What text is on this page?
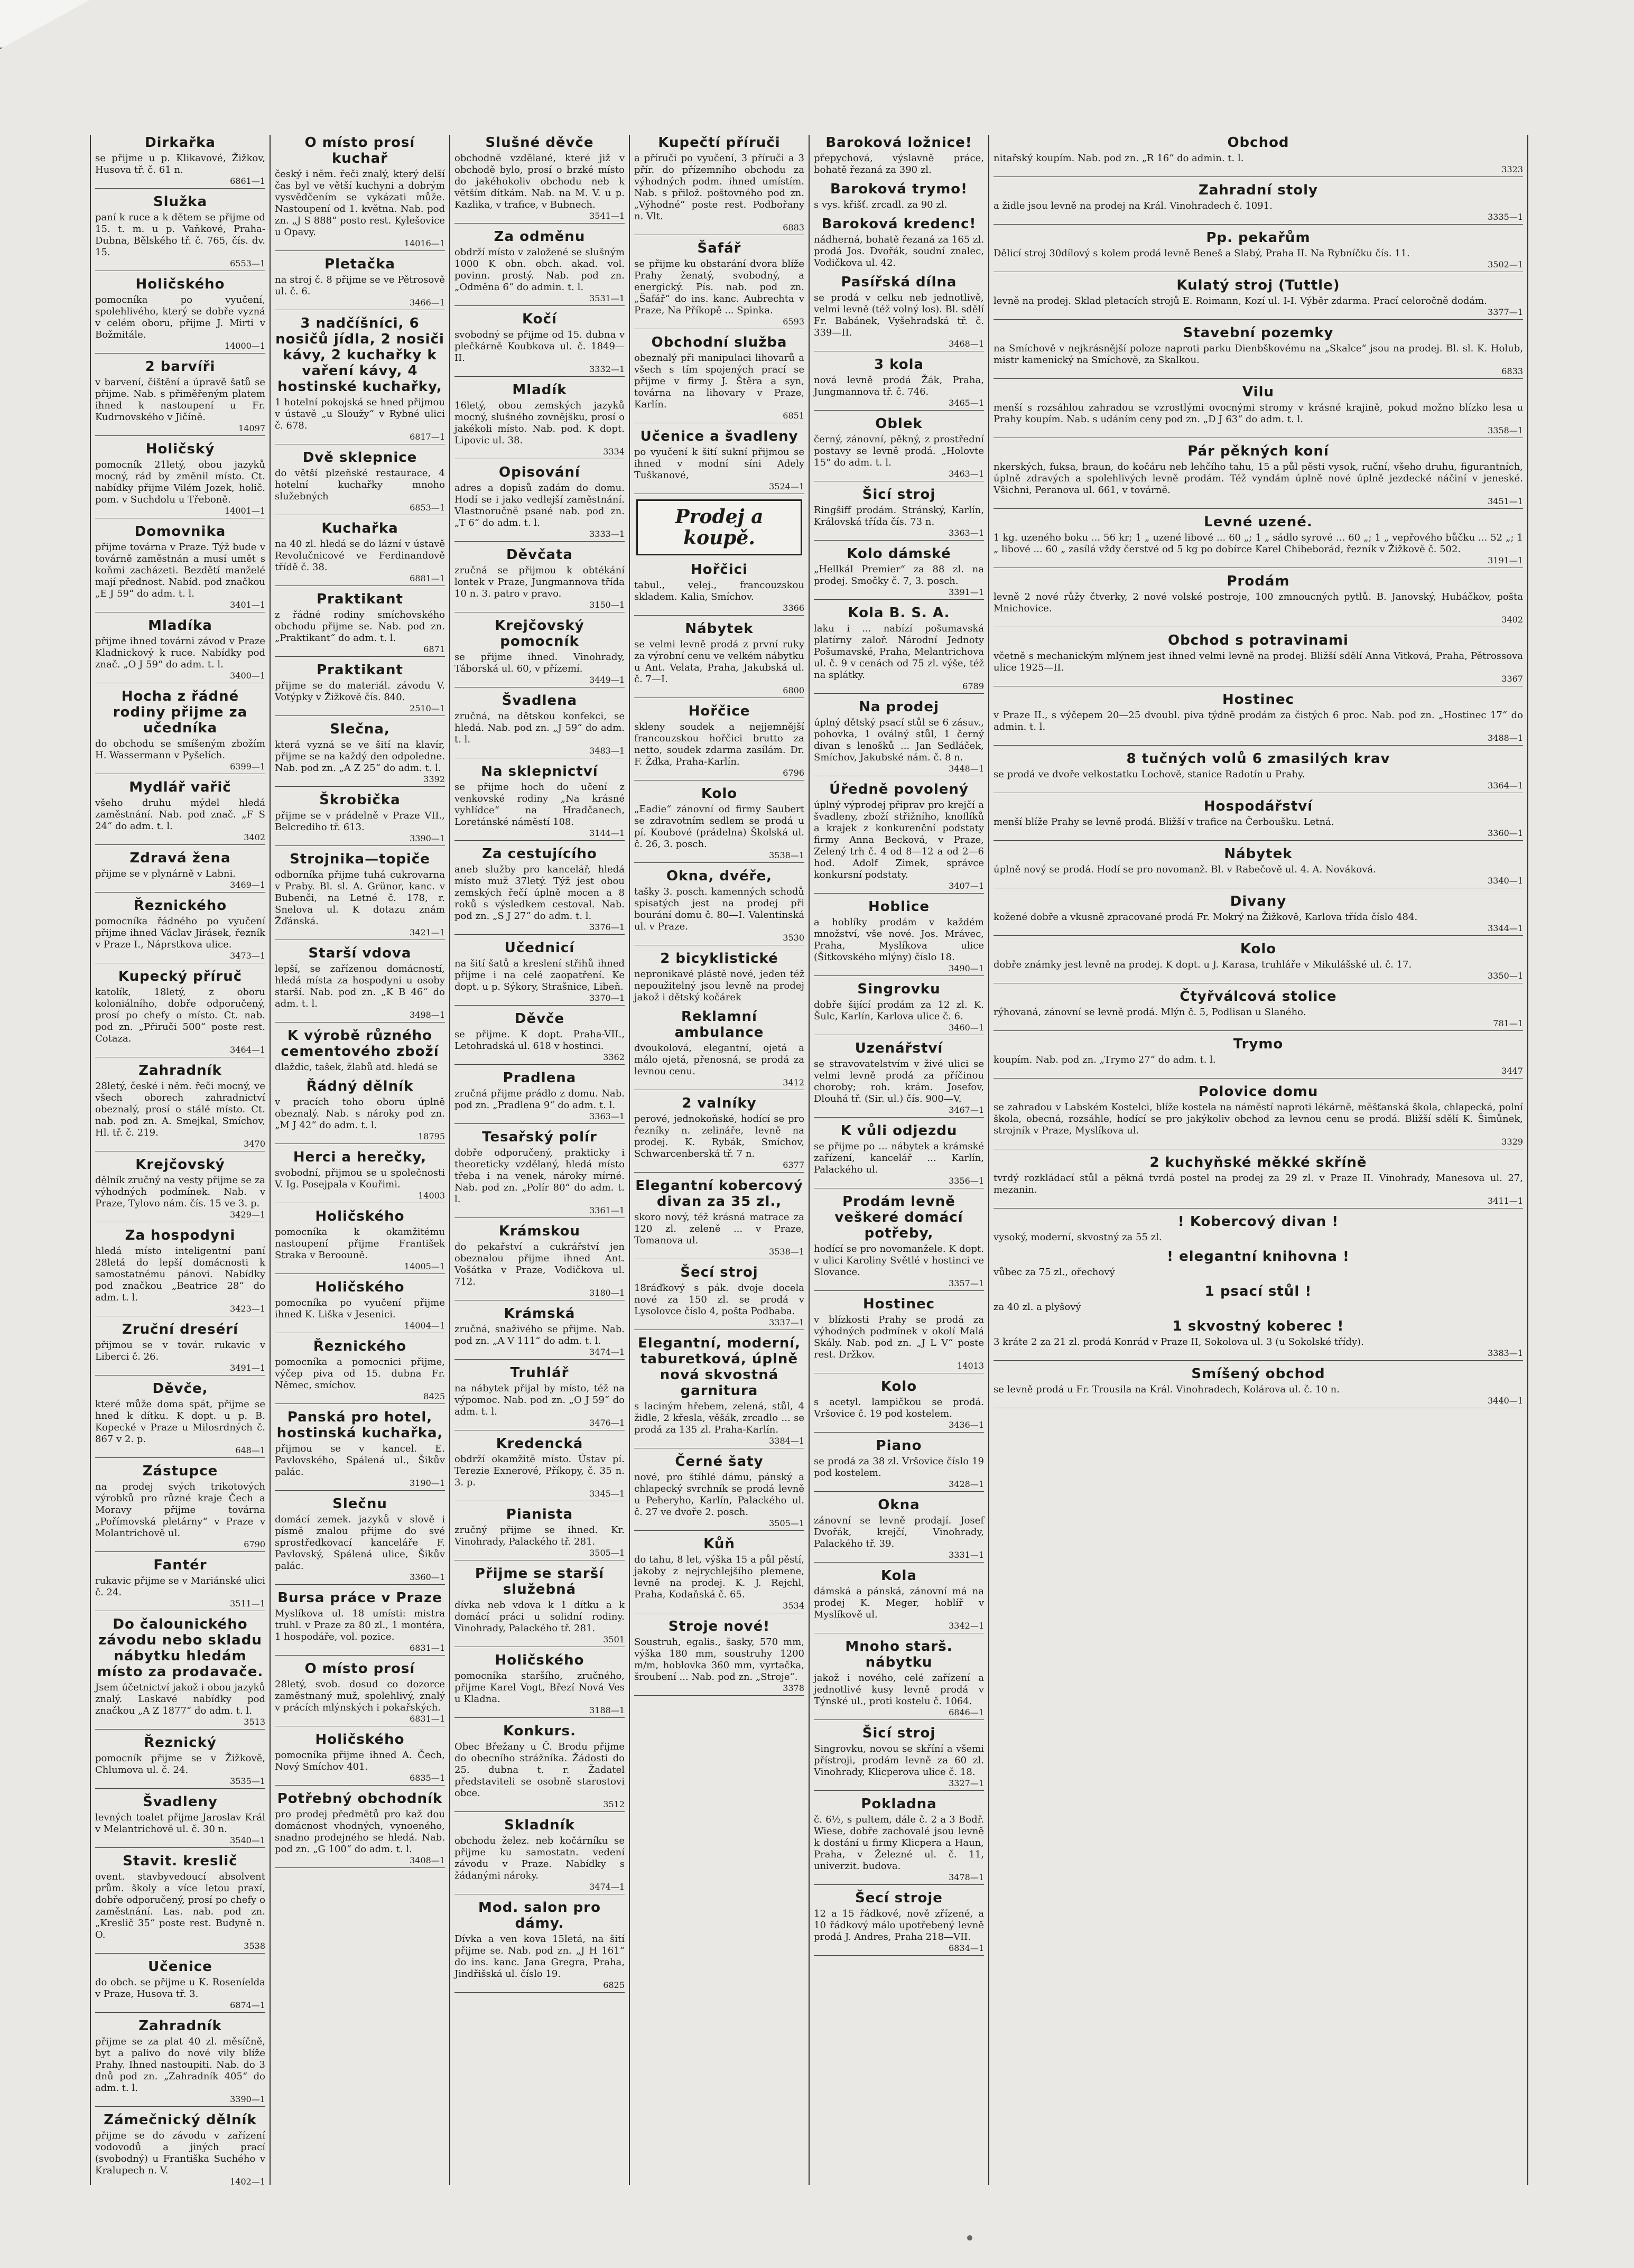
Dirkařka

se přijme u p. Klikavové, Žižkov, Husova tř. č. 61 n.

6861—1

Služka

paní k ruce a k dětem se přijme od 15. t. m. u p. Vaňkové, Praha-Dubna, Bělského tř. č. 765, čís. dv. 15.

6553—1

Holičského

pomocníka po vyučení, spolehlivého, který se dobře vyzná v celém oboru, přijme J. Mirti v Božmitále.

14000—1

2 barvíři

v barvení, čištění a úpravě šatů se přijme. Nab. s přiměřeným platem ihned k nastoupení u Fr. Kudrnovského v Jičíně.

14097

Holičský

pomocník 21letý, obou jazyků mocný, rád by změnil místo. Ct. nabídky přijme Vilém Jozek, holič. pom. v Suchdolu u Třeboně.

14001—1

Domovnika

přijme továrna v Praze. Týž bude v továrně zaměstnán a musí umět s koňmi zacházeti. Bezdětí manželé mají přednost. Nabíd. pod značkou „E J 59“ do adm. t. l.

3401—1

Mladíka

přijme ihned továrni závod v Praze Kladnickový k ruce. Nabídky pod znač. „O J 59“ do adm. t. l.

3400—1

Hocha z řádné rodiny přijme za učedníka

do obchodu se smíšeným zbožím H. Wassermann v Pyšelích.

6399—1

Mydlář vařič

všeho druhu mýdel hledá zaměstnání. Nab. pod znač. „F S 24“ do adm. t. l.

3402

Zdravá žena

přijme se v plynárně v Labni.

3469—1

Řeznického

pomocníka řádného po vyučení přijme ihned Václav Jirásek, řezník v Praze I., Náprstkova ulice.

3473—1

Kupecký příruč

katolík, 18letý, z oboru koloniálního, dobře odporučený, prosí po chefy o místo. Ct. nab. pod zn. „Přiruči 500“ poste rest. Cotaza.

3464—1

Zahradník

28letý, české i něm. řeči mocný, ve všech oborech zahradnictví obeznalý, prosí o stálé místo. Ct. nab. pod zn. A. Smejkal, Smíchov, Hl. tř. č. 219.

3470

Krejčovský

dělník zručný na vesty přijme se za výhodných podmínek. Nab. v Praze, Tylovo nám. čís. 15 ve 3. p.

3429—1

Za hospodyni

hledá místo inteligentní paní 28letá do lepší domácnosti k samostatnému pánovi. Nabídky pod značkou „Beatrice 28“ do adm. t. l.

3423—1

Zruční dresérí

přijmou se v továr. rukavic v Liberci č. 26.

3491—1

Děvče,

které může doma spát, přijme se hned k dítku. K dopt. u p. B. Kopecké v Praze u Milosrdných č. 867 v 2. p.

648—1

Zástupce

na prodej svých trikotových výrobků pro různé kraje Čech a Moravy přijme továrna „Pořímovská pletárny“ v Praze v Molantrichově ul.

6790

Fantér

rukavic přijme se v Mariánské ulici č. 24.

3511—1

Do čalounického závodu nebo skladu nábytku hledám místo za prodavače.

Jsem účetnictví jakož i obou jazyků znalý. Laskavé nabídky pod značkou „A Z 1877“ do adm. t. l.

3513

Řeznický

pomocník přijme se v Žižkově, Chlumova ul. č. 24.

3535—1

Švadleny

levných toalet přijme Jaroslav Král v Melantrichově ul. č. 30 n.

3540—1

Stavit. kreslič

ovent. stavbyvedoucí absolvent prům. školy a více letou praxí, dobře odporučený, prosí po chefy o zaměstnání. Las. nab. pod zn. „Kreslič 35“ poste rest. Budyně n. O.

3538

Učenice

do obch. se přijme u K. Roseníelda v Praze, Husova tř. 3.

6874—1

Zahradník

přijme se za plat 40 zl. měsíčně, byt a palivo do nové vily blíže Prahy. Ihned nastoupiti. Nab. do 3 dnů pod zn. „Zahradník 405“ do adm. t. l.

3390—1

Zámečnický dělník

přijme se do závodu v zařízení vodovodů a jiných prací (svobodný) u Františka Suchého v Kralupech n. V.

1402—1

O místo prosí kuchař

český i něm. řeči znalý, který delší čas byl ve větší kuchyni a dobrým vysvědčením se vykázati může. Nastoupení od 1. května. Nab. pod zn. „J S 888“ posto rest. Kylešovice u Opavy.

14016—1

Pletačka

na stroj č. 8 přijme se ve Pětrosově ul. č. 6.

3466—1

3 nadčíšníci, 6 nosičů jídla, 2 nosiči kávy, 2 kuchařky k vaření kávy, 4 hostinské kuchařky,

1 hotelní pokojská se hned přijmou v ústavě „u Sloužy“ v Rybné ulici č. 678.

6817—1

Dvě sklepnice

do větší plzeňské restaurace, 4 hotelní kuchařky mnoho služebných

6853—1

Kuchařka

na 40 zl. hledá se do lázní v ústavě Revolučnicové ve Ferdinandově třídě č. 38.

6881—1

Praktikant

z řádné rodiny smíchovského obchodu přijme se. Nab. pod zn. „Praktikant“ do adm. t. l.

6871

Praktikant

přijme se do materiál. závodu V. Votýpky v Žižkově čís. 840.

2510—1

Slečna,

která vyzná se ve šití na klavír, přijme se na každý den odpoledne. Nab. pod zn. „A Z 25“ do adm. t. l.

3392

Škrobička

přijme se v prádelně v Praze VII., Belcrediho tř. 613.

3390—1

Strojnika—topiče

odborníka přijme tuhá cukrovarna v Praby. Bl. sl. A. Grünor, kanc. v Bubenči, na Letné č. 178, r. Snelova ul. K dotazu znám Žďánská.

3421—1

Starší vdova

lepší, se zařízenou domácností, hledá místa za hospodyni u osoby starší. Nab. pod zn. „K B 46“ do adm. t. l.

3498—1

K výrobě různého cementového zboží

dlaždic, tašek, žlabů atd. hledá se

Řádný dělník

v pracích toho oboru úplně obeznalý. Nab. s nároky pod zn. „M J 42“ do adm. t. l.

18795

Herci a herečky,

svobodní, přijmou se u společnosti V. Ig. Posejpala v Kouřimi.

14003

Holičského

pomocníka k okamžitému nastoupení přijme František Straka v Beroouně.

14005—1

Holičského

pomocníka po vyučení přijme ihned K. Liška v Jesenici.

14004—1

Řeznického

pomocníka a pomocnici přijme, výčep piva od 15. dubna Fr. Němec, smíchov.

8425

Panská pro hotel, hostinská kuchařka,

přijmou se v kancel. E. Pavlovského, Spálená ul., Šikův palác.

3190—1

Slečnu

domácí zemek. jazyků v slově i písmě znalou přijme do své sprostředkovací kanceláře F. Pavlovský, Spálená ulice, Šikův palác.

3360—1

Bursa práce v Praze

Myslíkova ul. 18 umísti: mistra truhl. v Praze za 80 zl., 1 montéra, 1 hospodáře, vol. pozice.

6831—1

O místo prosí

28letý, svob. dosud co dozorce zaměstnaný muž, spolehlivý, znalý v prácích mlýnských i pokařských.

6831—1

Holičského

pomocníka přijme ihned A. Čech, Nový Smíchov 401.

6835—1

Potřebný obchodník

pro prodej předmětů pro kaž dou domácnost vhodných, vynoeného, snadno prodejného se hledá. Nab. pod zn. „G 100“ do adm. t. l.

3408—1

Slušné děvče

obchodně vzdělané, které již v obchodě bylo, prosí o brzké místo do jakéhokoliv obchodu neb k větším dítkám. Nab. na M. V. u p. Kazlika, v trafice, v Bubnech.

3541—1

Za odměnu

obdrží místo v založené se slušným 1000 K obn. obch. akad. vol. povinn. prostý. Nab. pod zn. „Odměna 6“ do admin. t. l.

3531—1

Kočí

svobodný se přijme od 15. dubna v plečkárně Koubkova ul. č. 1849—II.

3332—1

Mladík

16letý, obou zemských jazyků mocný, slušného zovnějšku, prosí o jakékoli místo. Nab. pod. K dopt. Lipovic ul. 38.

3334

Opisování

adres a dopisů zadám do domu. Hodí se i jako vedlejší zaměstnání. Vlastnoručně psané nab. pod zn. „T 6“ do adm. t. l.

3333—1

Děvčata

zručná se přijmou k obtékání lontek v Praze, Jungmannova třída 10 n. 3. patro v pravo.

3150—1

Krejčovský pomocník

se přijme ihned. Vinohrady, Táborská ul. 60, v přízemí.

3449—1

Švadlena

zručná, na dětskou konfekci, se hledá. Nab. pod zn. „J 59“ do adm. t. l.

3483—1

Na sklepnictví

se přijme hoch do učení z venkovské rodiny „Na krásné vyhlídce“ na Hradčanech, Loretánské náměstí 108.

3144—1

Za cestujícího

aneb služby pro kancelář, hledá místo muž 37letý. Týž jest obou zemských řečí úplně mocen a 8 roků s výsledkem cestoval. Nab. pod zn. „S J 27“ do adm. t. l.

3376—1

Učednicí

na šití šatů a kreslení střihů ihned přijme i na celé zaopatření. Ke dopt. u p. Sýkory, Strašnice, Libeň.

3370—1

Děvče

se přijme. K dopt. Praha-VII., Letohradská ul. 618 v hostinci.

3362

Pradlena

zručná přijme prádlo z domu. Nab. pod zn. „Pradlena 9“ do adm. t. l.

3363—1

Tesařský polír

dobře odporučený, prakticky i theoreticky vzdělaný, hledá místo třeba i na venek, nároky mírné. Nab. pod zn. „Polír 80“ do adm. t. l.

3361—1

Krámskou

do pekařství a cukrářství jen obeznalou přijme ihned Ant. Vošátka v Praze, Vodičkova ul. 712.

3180—1

Krámská

zručná, snaživého se přijme. Nab. pod zn. „A V 111“ do adm. t. l.

3474—1

Truhlář

na nábytek přijal by místo, též na výpomoc. Nab. pod zn. „O J 59“ do adm. t. l.

3476—1

Kredencká

obdrží okamžitě místo. Ústav pí. Terezie Exnerové, Příkopy, č. 35 n. 3. p.

3345—1

Pianista

zručný přijme se ihned. Kr. Vinohrady, Palackého tř. 281.

3505—1

Přijme se starší služebná

dívka neb vdova k 1 dítku a k domácí práci u solidní rodiny. Vinohrady, Palackého tř. 281.

3501

Holičského

pomocníka staršího, zručného, přijme Karel Vogt, Březí Nová Ves u Kladna.

3188—1

Konkurs.

Obec Břežany u Č. Brodu přijme do obecního strážníka. Žádosti do 25. dubna t. r. Žadatel představiteli se osobně starostovi obce.

3512

Skladník

obchodu želez. neb kočárníku se přijme ku samostatn. vedení závodu v Praze. Nabídky s žádanými nároky.

3474—1

Mod. salon pro dámy.

Dívka a ven kova 15letá, na šití přijme se. Nab. pod zn. „J H 161“ do ins. kanc. Jana Gregra, Praha, Jindřišská ul. číslo 19.

6825

Kupečtí příruči

a příruči po vyučení, 3 příruči a 3 přír. do přízemního obchodu za výhodných podm. ihned umístím. Nab. s přilož. poštovného pod zn. „Výhodné“ poste rest. Podbořany n. Vlt.

6883

Šafář

se přijme ku obstarání dvora blíže Prahy ženatý, svobodný, a energický. Pís. nab. pod zn. „Šafář“ do ins. kanc. Aubrechta v Praze, Na Příkopě ... Spinka.

6593

Obchodní služba

obeznalý při manipulaci lihovarů a všech s tím spojených prací se přijme v firmy J. Štěra a syn, továrna na lihovary v Praze, Karlín.

6851

Učenice a švadleny

po vyučení k šití sukní přijmou se ihned v modní síni Adely Tuškanové,

3524—1

Prodej a koupě.
Hořčici

tabul., velej., francouzskou skladem. Kalia, Smíchov.

3366

Nábytek

se velmi levně prodá z první ruky za výrobní cenu ve velkém nábytku u Ant. Velata, Praha, Jakubská ul. č. 7—I.

6800

Hořčice

skleny soudek a nejjemnější francouzskou hořčici brutto za netto, soudek zdarma zasílám. Dr. F. Žďka, Praha-Karlín.

6796

Kolo

„Eadie“ zánovní od firmy Saubert se zdravotním sedlem se prodá u pí. Koubové (prádelna) Školská ul. č. 26, 3. posch.

3538—1

Okna, dvéře,

tašky 3. posch. kamenných schodů spisatých jest na prodej při bourání domu č. 80—I. Valentinská ul. v Praze.

3530

2 bicyklistické

nepronikavé plástě nové, jeden též nepoužitelný jsou levně na prodej jakož i dětský kočárek

Reklamní ambulance

dvoukolová, elegantní, ojetá a málo ojetá, přenosná, se prodá za levnou cenu.

3412

2 valníky

perové, jednokoňské, hodící se pro řezníky n. zelináře, levně na prodej. K. Rybák, Smíchov, Schwarcenberská tř. 7 n.

6377

Elegantní kobercový divan za 35 zl.,

skoro nový, též krásná matrace za 120 zl. zeleně ... v Praze, Tomanova ul.

3538—1

Šecí stroj

18ráďkový s pák. dvoje docela nové za 150 zl. se prodá v Lysolovce číslo 4, pošta Podbaba.

3337—1

Elegantní, moderní, taburetková, úplně nová skvostná garnitura

s laciným hřebem, zelená, stůl, 4 židle, 2 křesla, věšák, zrcadlo ... se prodá za 135 zl. Praha-Karlín.

3384—1

Černé šaty

nové, pro štíhlé dámu, pánský a chlapecký svrchník se prodá levně u Peheryho, Karlín, Palackého ul. č. 27 ve dvoře 2. posch.

3505—1

Kůň

do tahu, 8 let, výška 15 a půl pěstí, jakoby z nejrychlejšího plemene, levně na prodej. K. J. Rejchl, Praha, Kodaňská č. 65.

3534

Stroje nové!

Soustruh, egalis., šasky, 570 mm, výška 180 mm, soustruhy 1200 m/m, hoblovka 360 mm, vyrtačka, šroubení ... Nab. pod zn. „Stroje“.

3378

Baroková ložnice!

přepychová, výslavně práce, bohatě řezaná za 390 zl.

Baroková trymo!

s vys. křišť. zrcadl. za 90 zl.

Baroková kredenc!

nádherná, bohatě řezaná za 165 zl. prodá Jos. Dvořák, soudní znalec, Vodičkova ul. 42.

Pasířská dílna

se prodá v celku neb jednotlivě, velmi levně (též volný los). Bl. sdělí Fr. Babánek, Vyšehradská tř. č. 339—II.

3468—1

3 kola

nová levně prodá Žák, Praha, Jungmannova tř. č. 746.

3465—1

Oblek

černý, zánovní, pěkný, z prostřední postavy se levně prodá. „Holovte 15“ do adm. t. l.

3463—1

Šicí stroj

Ringšiff prodám. Stránský, Karlín, Královská třída čís. 73 n.

3363—1

Kolo dámské

„Hellkál Premier“ za 88 zl. na prodej. Smočky č. 7, 3. posch.

3391—1

Kola B. S. A.

laku i ... nabízí pošumavská platírny zaloř. Národní Jednoty Pošumavské, Praha, Melantrichova ul. č. 9 v cenách od 75 zl. výše, též na splátky.

6789

Na prodej

úplný dětský psací stůl se 6 zásuv., pohovka, 1 oválný stůl, 1 černý divan s lenošků ... Jan Sedláček, Smíchov, Jakubské nám. č. 8 n.

3448—1

Úředně povolený

úplný výprodej připrav pro krejčí a švadleny, zboží střižního, knoflíků a krajek z konkurenční podstaty firmy Anna Becková, v Praze, Zelený trh č. 4 od 8—12 a od 2—6 hod. Adolf Zimek, správce konkursní podstaty.

3407—1

Hoblice

a hoblíky prodám v každém množství, vše nové. Jos. Mrávec, Praha, Myslíkova ulice (Šitkovského mlýny) číslo 18.

3490—1

Singrovku

dobře šijící prodám za 12 zl. K. Šulc, Karlín, Karlova ulice č. 6.

3460—1

Uzenářství

se stravovatelstvím v živé ulici se velmi levně prodá za příčinou choroby; roh. krám. Josefov, Dlouhá tř. (Sir. ul.) čís. 900—V.

3467—1

K vůli odjezdu

se přijme po ... nábytek a krámské zařízení, kancelář ... Karlín, Palackého ul.

3356—1

Prodám levně veškeré domácí potřeby,

hodící se pro novomanžele. K dopt. v ulici Karoliny Světlé v hostinci ve Slovance.

3357—1

Hostinec

v blízkosti Prahy se prodá za výhodných podmínek v okolí Malá Skály. Nab. pod zn. „J L V“ poste rest. Držkov.

14013

Kolo

s acetyl. lampičkou se prodá. Vršovice č. 19 pod kostelem.

3436—1

Piano

se prodá za 38 zl. Vršovice číslo 19 pod kostelem.

3428—1

Okna

zánovní se levně prodají. Josef Dvořák, krejčí, Vinohrady, Palackého tř. 39.

3331—1

Kola

dámská a pánská, zánovní má na prodej K. Meger, hoblíř v Myslíkově ul.

3342—1

Mnoho starš. nábytku

jakož i nového, celé zařízení a jednotlivé kusy levně prodá v Týnské ul., proti kostelu č. 1064.

6846—1

Šicí stroj

Singrovku, novou se skříní a všemi přístroji, prodám levně za 60 zl. Vinohrady, Klicperova ulice č. 18.

3327—1

Pokladna

č. 6½, s pultem, dále č. 2 a 3 Bodř. Wiese, dobře zachovalé jsou levně k dostání u firmy Klicpera a Haun, Praha, v Železné ul. č. 11, univerzit. budova.

3478—1

Šecí stroje

12 a 15 řádkové, nově zřízené, a 10 řádkový málo upotřebený levně prodá J. Andres, Praha 218—VII.

6834—1

Obchod

nitařský koupím. Nab. pod zn. „R 16“ do admin. t. l.

3323

Zahradní stoly

a židle jsou levně na prodej na Král. Vinohradech č. 1091.

3335—1

Pp. pekařům

Dělicí stroj 30dílový s kolem prodá levně Beneš a Slabý, Praha II. Na Rybníčku čís. 11.

3502—1

Kulatý stroj (Tuttle)

levně na prodej. Sklad pletacích strojů E. Roimann, Kozí ul. I-I. Výběr zdarma. Prací celoročně dodám.

3377—1

Stavební pozemky

na Smíchově v nejkrásnější poloze naproti parku Dienbškovému na „Skalce“ jsou na prodej. Bl. sl. K. Holub, mistr kamenický na Smíchově, za Skalkou.

6833

Vilu

menší s rozsáhlou zahradou se vzrostlými ovocnými stromy v krásné krajině, pokud možno blízko lesa u Prahy koupím. Nab. s udáním ceny pod zn. „D J 63“ do adm. t. l.

3358—1

Pár pěkných koní

nkerských, fuksa, braun, do kočáru neb lehčího tahu, 15 a půl pěsti vysok, ruční, všeho druhu, figurantních, úplně zdravých a spolehlivých levně prodám. Též vyndám úplně nové úplně jezdecké náčiní v jeneské. Všichni, Peranova ul. 661, v továrně.

3451—1

Levné uzené.

1 kg. uzeného boku ... 56 kr; 1 „ uzené libové ... 60 „; 1 „ sádlo syrové ... 60 „; 1 „ vepřového bůčku ... 52 „; 1 „ libové ... 60 „ zasílá vždy čerstvé od 5 kg po dobírce Karel Chibeborád, řezník v Žižkově č. 502.

3191—1

Prodám

levně 2 nové růžy čtverky, 2 nové volské postroje, 100 zmnoucných pytlů. B. Janovský, Hubáčkov, pošta Mnichovice.

3402

Obchod s potravinami

včetně s mechanickým mlýnem jest ihned velmi levně na prodej. Bližší sdělí Anna Vitková, Praha, Pětrossova ulice 1925—II.

3367

Hostinec

v Praze II., s výčepem 20—25 dvoubl. piva týdně prodám za čistých 6 proc. Nab. pod zn. „Hostinec 17“ do admin. t. l.

3488—1

8 tučných volů 6 zmasilých krav

se prodá ve dvoře velkostatku Lochově, stanice Radotín u Prahy.

3364—1

Hospodářství

menší blíže Prahy se levně prodá. Bližší v trafice na Čerboušku. Letná.

3360—1

Nábytek

úplně nový se prodá. Hodí se pro novomanž. Bl. v Rabečově ul. 4. A. Nováková.

3340—1

Divany

kožené dobře a vkusně zpracované prodá Fr. Mokrý na Žižkově, Karlova třída číslo 484.

3344—1

Kolo

dobře známky jest levně na prodej. K dopt. u J. Karasa, truhláře v Mikulášské ul. č. 17.

3350—1

Čtyřválcová stolice

rýhovaná, zánovní se levně prodá. Mlýn č. 5, Podlisan u Slaného.

781—1

Trymo

koupím. Nab. pod zn. „Trymo 27“ do adm. t. l.

3447

Polovice domu

se zahradou v Labském Kostelci, blíže kostela na náměstí naproti lékárně, měšťanská škola, chlapecká, polní škola, obecná, rozsáhle, hodící se pro jakýkoliv obchod za levnou cenu se prodá. Bližší sdělí K. Šimůnek, strojník v Praze, Myslíkova ul.

3329

2 kuchyňské měkké skříně

tvrdý rozkládací stůl a pěkná tvrdá postel na prodej za 29 zl. v Praze II. Vinohrady, Manesova ul. 27, mezanin.

3411—1

! Kobercový divan !

vysoký, moderní, skvostný za 55 zl.

! elegantní knihovna !

vůbec za 75 zl., ořechový

1 psací stůl !

za 40 zl. a plyšový

1 skvostný koberec !

3 kráte 2 za 21 zl. prodá Konrád v Praze II, Sokolova ul. 3 (u Sokolské třídy).

3383—1

Smíšený obchod

se levně prodá u Fr. Trousila na Král. Vinohradech, Kolárova ul. č. 10 n.

3440—1
